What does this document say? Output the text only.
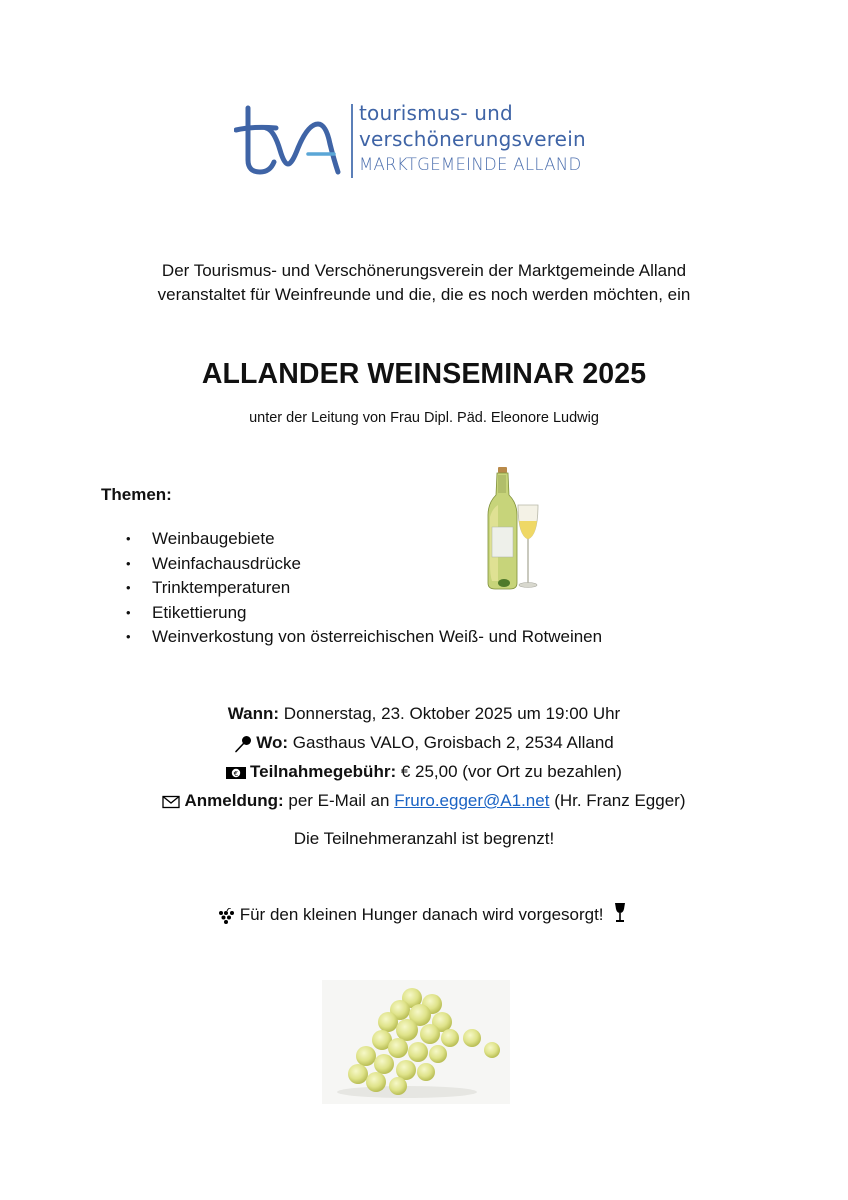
tourismus- und
verschönerungsverein
MARKTGEMEINDE ALLAND
Der Tourismus- und Verschönerungsverein der Marktgemeinde Alland
veranstaltet für Weinfreunde und die, die es noch werden möchten, ein
ALLANDER WEINSEMINAR 2025
unter der Leitung von Frau Dipl. Päd. Eleonore Ludwig
Themen:
• Weinbaugebiete
• Weinfachausdrücke
• Trinktemperaturen
• Etikettierung
• Weinverkostung von österreichischen Weiß- und Rotweinen
Wann: Donnerstag, 23. Oktober 2025 um 19:00 Uhr
Wo: Gasthaus VALO, Groisbach 2, 2534 Alland
€ Teilnahmegebühr: € 25,00 (vor Ort zu bezahlen)
Anmeldung: per E-Mail an Fruro.egger@A1.net (Hr. Franz Egger)
Die Teilnehmeranzahl ist begrenzt!
Für den kleinen Hunger danach wird vorgesorgt!
